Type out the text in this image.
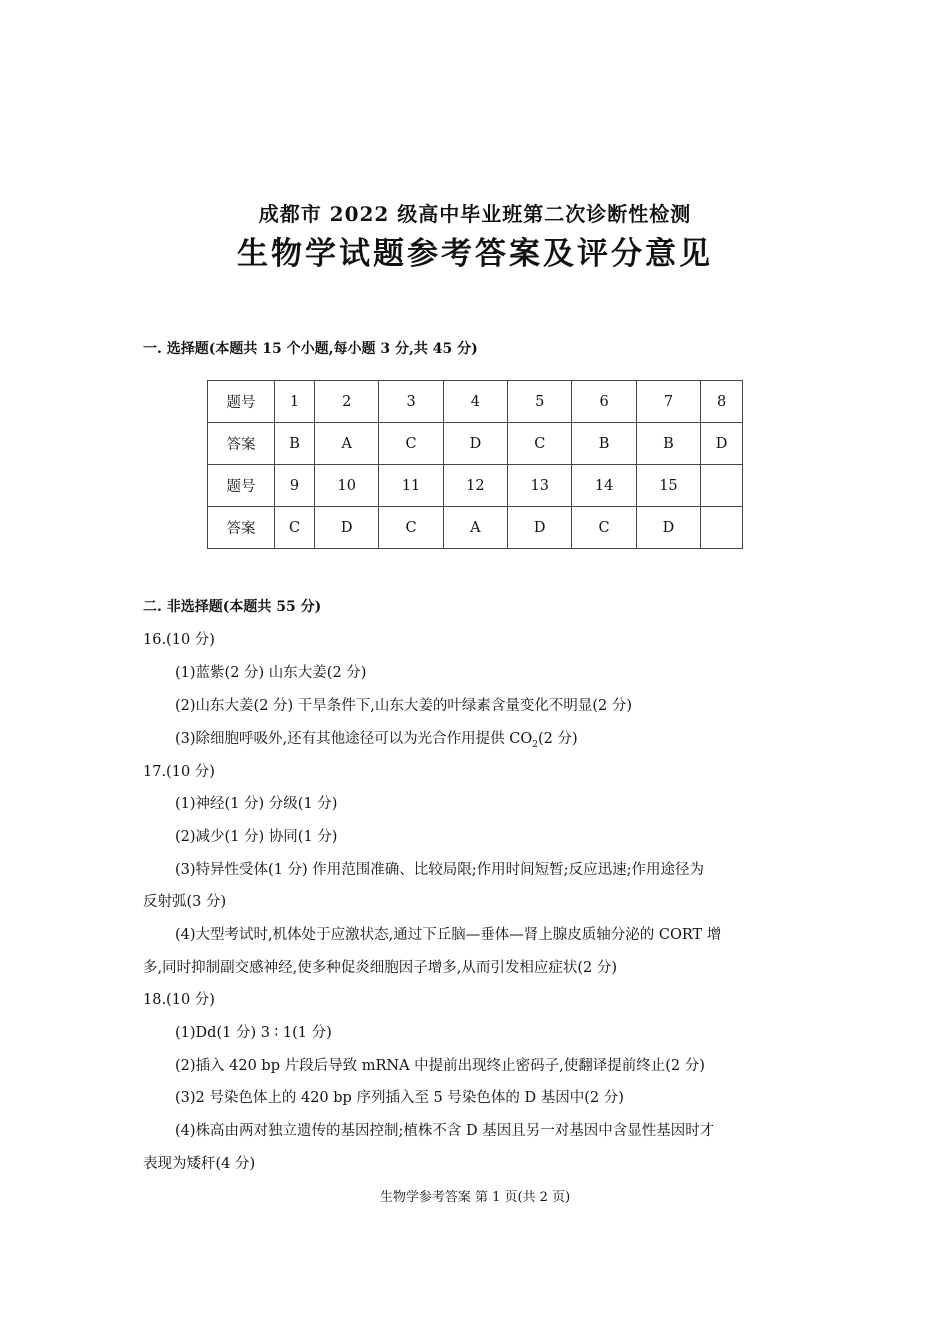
成都市 2022 级高中毕业班第二次诊断性检测
生物学试题参考答案及评分意见
一. 选择题(本题共 15 个小题,每小题 3 分,共 45 分)
题号	1	2	3	4	5	6	7	8
答案	B	A	C	D	C	B	B	D
题号	9	10	11	12	13	14	15	
答案	C	D	C	A	D	C	D	
二. 非选择题(本题共 55 分)
16.(10 分)
(1)蓝紫(2 分) 山东大姜(2 分)
(2)山东大姜(2 分) 干旱条件下,山东大姜的叶绿素含量变化不明显(2 分)
(3)除细胞呼吸外,还有其他途径可以为光合作用提供 $CO_2(2$ 分)
17.(10 分)
(1)神经(1 分) 分级(1 分)
(2)减少(1 分) 协同(1 分)
(3)特异性受体(1 分) 作用范围准确、比较局限;作用时间短暂;反应迅速;作用途径为
反射弧(3 分)
(4)大型考试时,机体处于应激状态,通过下丘脑—垂体—肾上腺皮质轴分泌的 CORT 增
多,同时抑制副交感神经,使多种促炎细胞因子增多,从而引发相应症状(2 分)
18.(10 分)
(1)Dd(1 分) 3 ∶ 1(1 分)
(2)插入 420 bp 片段后导致 mRNA 中提前出现终止密码子,使翻译提前终止(2 分)
(3)2 号染色体上的 420 bp 序列插入至 5 号染色体的 D 基因中(2 分)
(4)株高由两对独立遗传的基因控制;植株不含 D 基因且另一对基因中含显性基因时才
表现为矮秆(4 分)
生物学参考答案 第 1 页(共 2 页)
